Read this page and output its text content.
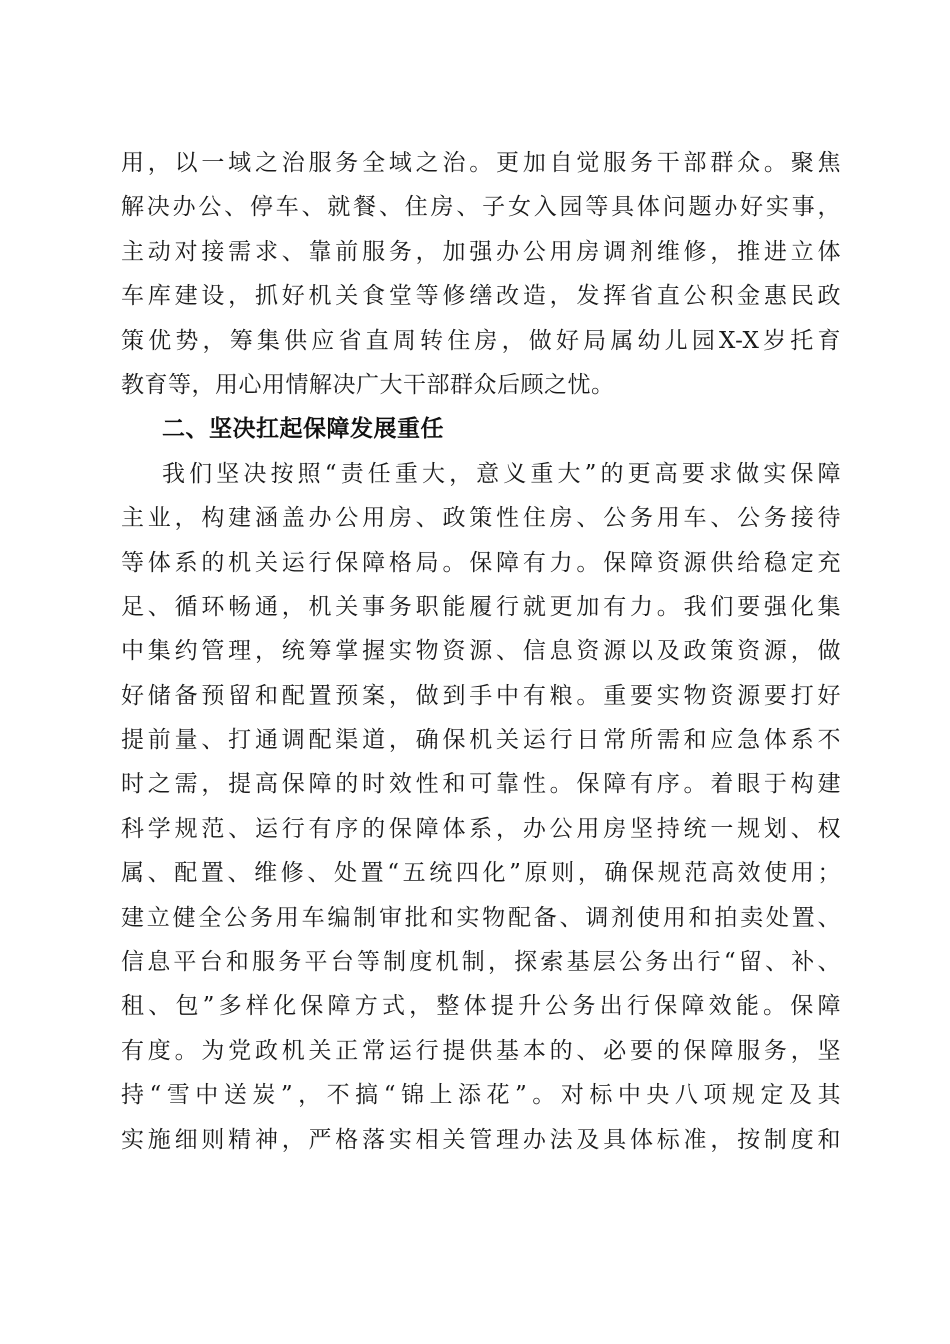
用，以一域之治服务全域之治。更加自觉服务干部群众。聚焦
解决办公、停车、就餐、住房、子女入园等具体问题办好实事，
主动对接需求、靠前服务，加强办公用房调剂维修，推进立体
车库建设，抓好机关食堂等修缮改造，发挥省直公积金惠民政
策优势，筹集供应省直周转住房，做好局属幼儿园X-X岁托育
教育等，用心用情解决广大干部群众后顾之忧。
二、坚决扛起保障发展重任
我们坚决按照“责任重大，意义重大”的更高要求做实保障
主业，构建涵盖办公用房、政策性住房、公务用车、公务接待
等体系的机关运行保障格局。保障有力。保障资源供给稳定充
足、循环畅通，机关事务职能履行就更加有力。我们要强化集
中集约管理，统筹掌握实物资源、信息资源以及政策资源，做
好储备预留和配置预案，做到手中有粮。重要实物资源要打好
提前量、打通调配渠道，确保机关运行日常所需和应急体系不
时之需，提高保障的时效性和可靠性。保障有序。着眼于构建
科学规范、运行有序的保障体系，办公用房坚持统一规划、权
属、配置、维修、处置“五统四化”原则，确保规范高效使用；
建立健全公务用车编制审批和实物配备、调剂使用和拍卖处置、
信息平台和服务平台等制度机制，探索基层公务出行“留、补、
租、包”多样化保障方式，整体提升公务出行保障效能。保障
有度。为党政机关正常运行提供基本的、必要的保障服务，坚
持“雪中送炭”，不搞“锦上添花”。对标中央八项规定及其
实施细则精神，严格落实相关管理办法及具体标准，按制度和
